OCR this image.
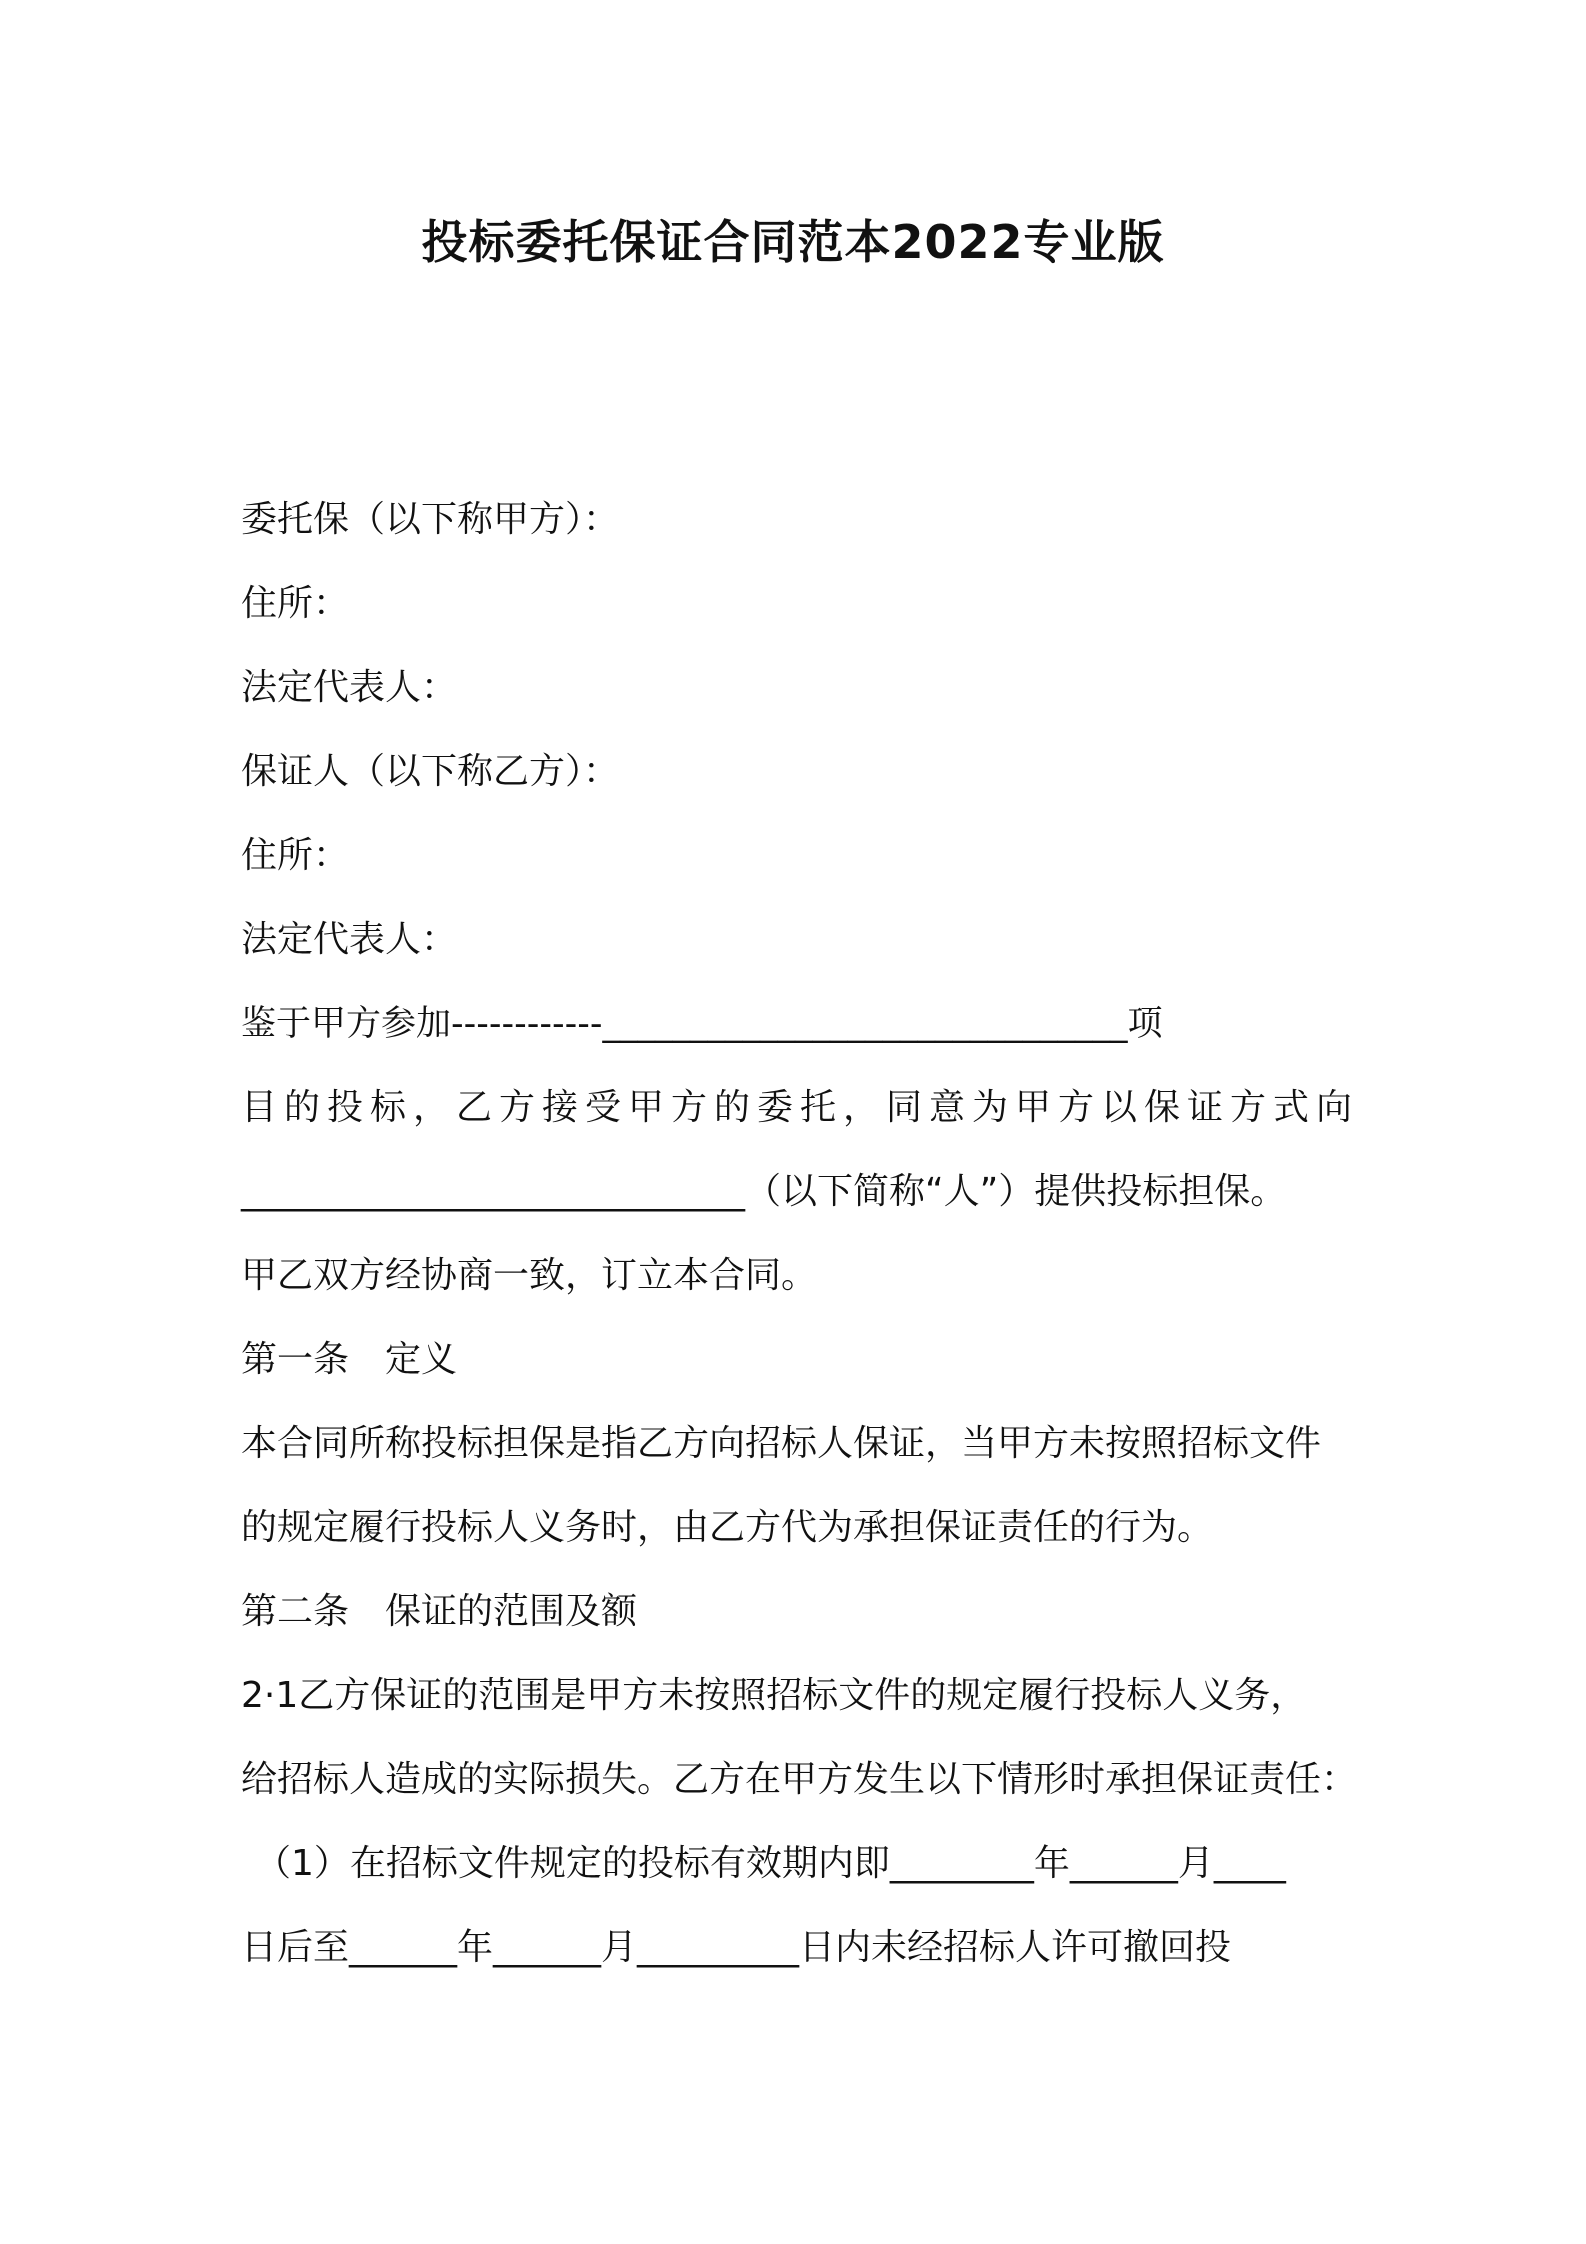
投标委托保证合同范本2022专业版
委托保（以下称甲方）：
住所：
法定代表人：
保证人（以下称乙方）：
住所：
法定代表人：
鉴于甲方参加------------______________________________项
目的投标，乙方接受甲方的委托，同意为甲方以保证方式向
____________________________（以下简称“人”）提供投标担保。
甲乙双方经协商一致，订立本合同。
第一条　定义
本合同所称投标担保是指乙方向招标人保证，当甲方未按照招标文件
的规定履行投标人义务时，由乙方代为承担保证责任的行为。
第二条　保证的范围及额
2·1乙方保证的范围是甲方未按照招标文件的规定履行投标人义务，
给招标人造成的实际损失。乙方在甲方发生以下情形时承担保证责任：
（1）在招标文件规定的投标有效期内即________年______月____
日后至______年______月_________日内未经招标人许可撤回投
